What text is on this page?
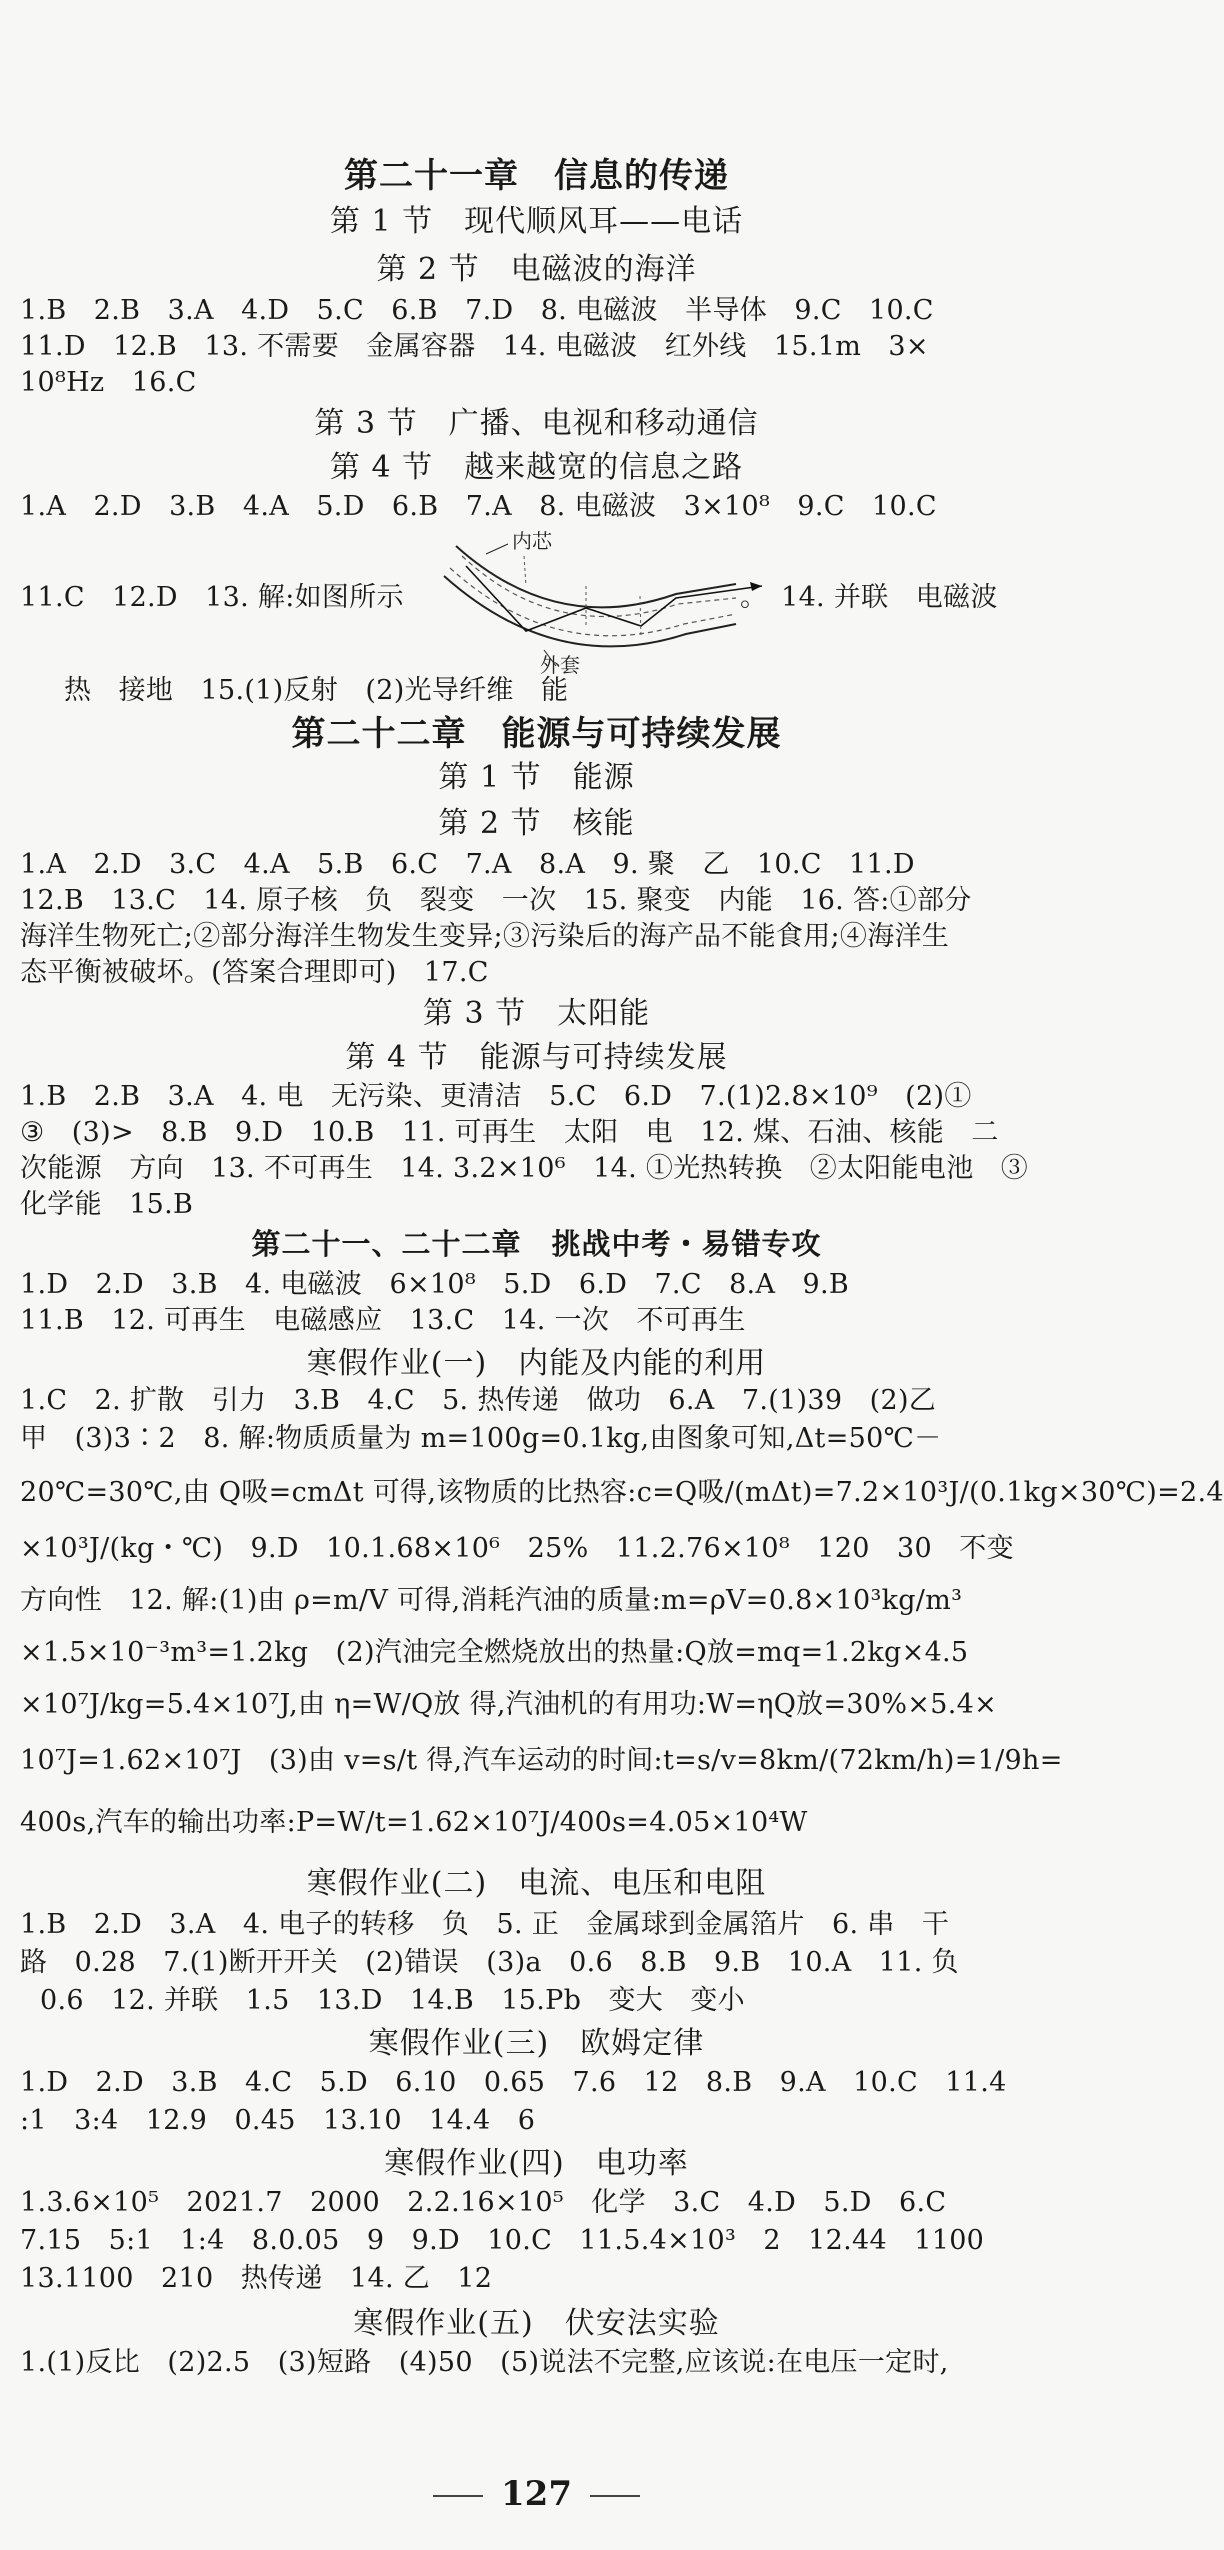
第二十一章　信息的传递
第 1 节　现代顺风耳——电话
第 2 节　电磁波的海洋
1.B　2.B　3.A　4.D　5.C　6.B　7.D　8. 电磁波　半导体　9.C　10.C
11.D　12.B　13. 不需要　金属容器　14. 电磁波　红外线　15.1m　3×
10⁸Hz　16.C
第 3 节　广播、电视和移动通信
第 4 节　越来越宽的信息之路
1.A　2.D　3.B　4.A　5.D　6.B　7.A　8. 电磁波　3×10⁸　9.C　10.C
内芯
外套
11.C　12.D　13. 解:如图所示	。　14. 并联　电磁波
热　接地　15.(1)反射　(2)光导纤维　能
第二十二章　能源与可持续发展
第 1 节　能源
第 2 节　核能
1.A　2.D　3.C　4.A　5.B　6.C　7.A　8.A　9. 聚　乙　10.C　11.D
12.B　13.C　14. 原子核　负　裂变　一次　15. 聚变　内能　16. 答:①部分
海洋生物死亡;②部分海洋生物发生变异;③污染后的海产品不能食用;④海洋生
态平衡被破坏。(答案合理即可)　17.C
第 3 节　太阳能
第 4 节　能源与可持续发展
1.B　2.B　3.A　4. 电　无污染、更清洁　5.C　6.D　7.(1)2.8×10⁹　(2)①
③　(3)>　8.B　9.D　10.B　11. 可再生　太阳　电　12. 煤、石油、核能　二
次能源　方向　13. 不可再生　14. 3.2×10⁶　14. ①光热转换　②太阳能电池　③
化学能　15.B
第二十一、二十二章　挑战中考・易错专攻
1.D　2.D　3.B　4. 电磁波　6×10⁸　5.D　6.D　7.C　8.A　9.B
11.B　12. 可再生　电磁感应　13.C　14. 一次　不可再生
寒假作业(一)　内能及内能的利用
1.C　2. 扩散　引力　3.B　4.C　5. 热传递　做功　6.A　7.(1)39　(2)乙
甲　(3)3∶2　8. 解:物质质量为 m=100g=0.1kg,由图象可知,Δt=50℃－
20℃=30℃,由 Q吸=cmΔt 可得,该物质的比热容:c=Q吸/(mΔt)=7.2×10³J/(0.1kg×30℃)=2.4
×10³J/(kg・℃)　9.D　10.1.68×10⁶　25%　11.2.76×10⁸　120　30　不变
方向性　12. 解:(1)由 ρ=m/V 可得,消耗汽油的质量:m=ρV=0.8×10³kg/m³
×1.5×10⁻³m³=1.2kg　(2)汽油完全燃烧放出的热量:Q放=mq=1.2kg×4.5
×10⁷J/kg=5.4×10⁷J,由 η=W/Q放 得,汽油机的有用功:W=ηQ放=30%×5.4×
10⁷J=1.62×10⁷J　(3)由 v=s/t 得,汽车运动的时间:t=s/v=8km/(72km/h)=1/9h=
400s,汽车的输出功率:P=W/t=1.62×10⁷J/400s=4.05×10⁴W
寒假作业(二)　电流、电压和电阻
1.B　2.D　3.A　4. 电子的转移　负　5. 正　金属球到金属箔片　6. 串　干
路　0.28　7.(1)断开开关　(2)错误　(3)a　0.6　8.B　9.B　10.A　11. 负
0.6　12. 并联　1.5　13.D　14.B　15.Pb　变大　变小
寒假作业(三)　欧姆定律
1.D　2.D　3.B　4.C　5.D　6.10　0.65　7.6　12　8.B　9.A　10.C　11.4
:1　3:4　12.9　0.45　13.10　14.4　6
寒假作业(四)　电功率
1.3.6×10⁵　2021.7　2000　2.2.16×10⁵　化学　3.C　4.D　5.D　6.C
7.15　5:1　1:4　8.0.05　9　9.D　10.C　11.5.4×10³　2　12.44　1100
13.1100　210　热传递　14. 乙　12
寒假作业(五)　伏安法实验
1.(1)反比　(2)2.5　(3)短路　(4)50　(5)说法不完整,应该说:在电压一定时,
127
